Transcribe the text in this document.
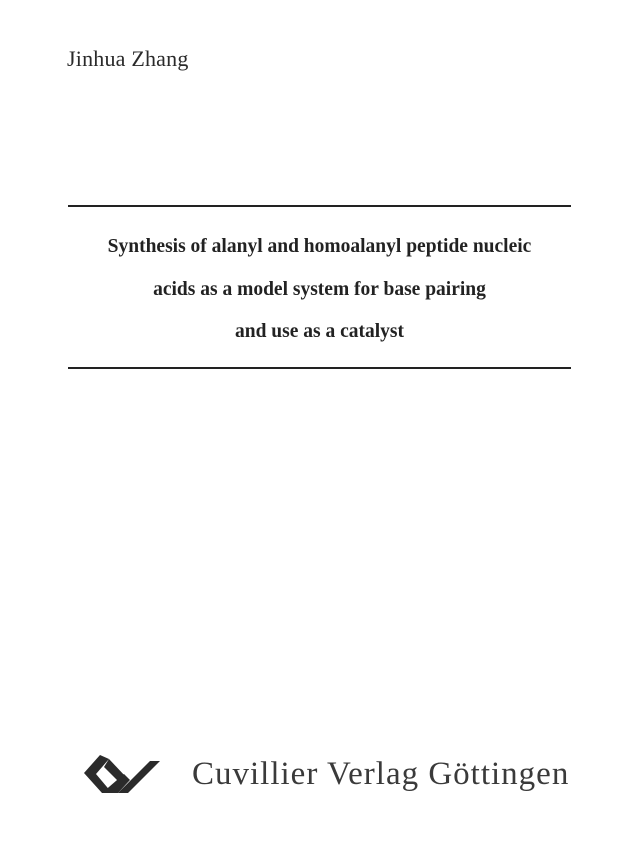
Jinhua Zhang
Synthesis of alanyl and homoalanyl peptide nucleic
acids as a model system for base pairing
and use as a catalyst
Cuvillier Verlag Göttingen
